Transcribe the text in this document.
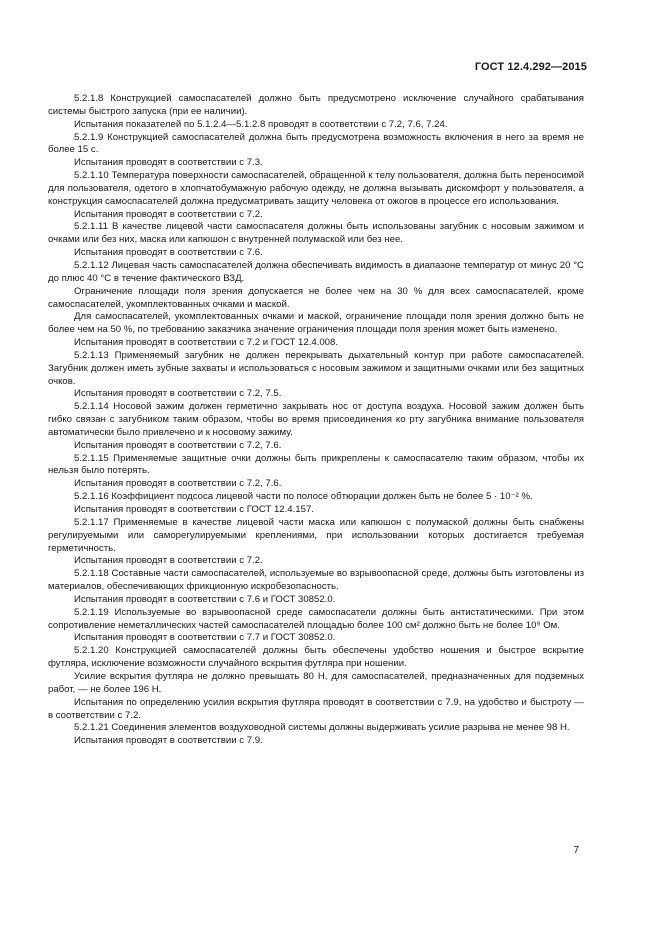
ГОСТ 12.4.292—2015

5.2.1.8 Конструкцией самоспасателей должно быть предусмотрено исключение случайного срабатывания системы быстрого запуска (при ее наличии).

Испытания показателей по 5.1.2.4—5.1.2.8 проводят в соответствии с 7.2, 7.6, 7.24.

5.2.1.9 Конструкцией самоспасателей должна быть предусмотрена возможность включения в него за время не более 15 с.

Испытания проводят в соответствии с 7.3.

5.2.1.10 Температура поверхности самоспасателей, обращенной к телу пользователя, должна быть переносимой для пользователя, одетого в хлопчатобумажную рабочую одежду, не должна вызывать дискомфорт у пользователя, а конструкция самоспасателей должна предусматривать защиту человека от ожогов в процессе его использования.

Испытания проводят в соответствии с 7.2.

5.2.1.11 В качестве лицевой части самоспасателя должны быть использованы загубник с носовым зажимом и очками или без них, маска или капюшон с внутренней полумаской или без нее.

Испытания проводят в соответствии с 7.6.

5.2.1.12 Лицевая часть самоспасателей должна обеспечивать видимость в диапазоне температур от минус 20 °С до плюс 40 °С в течение фактического ВЗД.

Ограничение площади поля зрения допускается не более чем на 30 % для всех самоспасателей, кроме самоспасателей, укомплектованных очками и маской.

Для самоспасателей, укомплектованных очками и маской, ограничение площади поля зрения должно быть не более чем на 50 %, по требованию заказчика значение ограничения площади поля зрения может быть изменено.

Испытания проводят в соответствии с 7.2 и ГОСТ 12.4.008.

5.2.1.13 Применяемый загубник не должен перекрывать дыхательный контур при работе самоспасателей. Загубник должен иметь зубные захваты и использоваться с носовым зажимом и защитными очками или без защитных очков.

Испытания проводят в соответствии с 7.2, 7.5.

5.2.1.14 Носовой зажим должен герметично закрывать нос от доступа воздуха. Носовой зажим должен быть гибко связан с загубником таким образом, чтобы во время присоединения ко рту загубника внимание пользователя автоматически было привлечено и к носовому зажиму.

Испытания проводят в соответствии с 7.2, 7.6.

5.2.1.15 Применяемые защитные очки должны быть прикреплены к самоспасателю таким образом, чтобы их нельзя было потерять.

Испытания проводят в соответствии с 7.2, 7.6.

5.2.1.16 Коэффициент подсоса лицевой части по полосе обтюрации должен быть не более 5 · 10⁻² %.

Испытания проводят в соответствии с ГОСТ 12.4.157.

5.2.1.17 Применяемые в качестве лицевой части маска или капюшон с полумаской должны быть снабжены регулируемыми или саморегулируемыми креплениями, при использовании которых достигается требуемая герметичность.

Испытания проводят в соответствии с 7.2.

5.2.1.18 Составные части самоспасателей, используемые во взрывоопасной среде, должны быть изготовлены из материалов, обеспечивающих фрикционную искробезопасность.

Испытания проводят в соответствии с 7.6 и ГОСТ 30852.0.

5.2.1.19 Используемые во взрывоопасной среде самоспасатели должны быть антистатическими. При этом сопротивление неметаллических частей самоспасателей площадью более 100 см² должно быть не более 10⁹ Ом.

Испытания проводят в соответствии с 7.7 и ГОСТ 30852.0.

5.2.1.20 Конструкцией самоспасателей должны быть обеспечены удобство ношения и быстрое вскрытие футляра, исключение возможности случайного вскрытия футляра при ношении.

Усилие вскрытия футляра не должно превышать 80 Н, для самоспасателей, предназначенных для подземных работ, — не более 196 Н.

Испытания по определению усилия вскрытия футляра проводят в соответствии с 7.9, на удобство и быстроту — в соответствии с 7.2.

5.2.1.21 Соединения элементов воздуховодной системы должны выдерживать усилие разрыва не менее 98 Н.

Испытания проводят в соответствии с 7.9.

7
